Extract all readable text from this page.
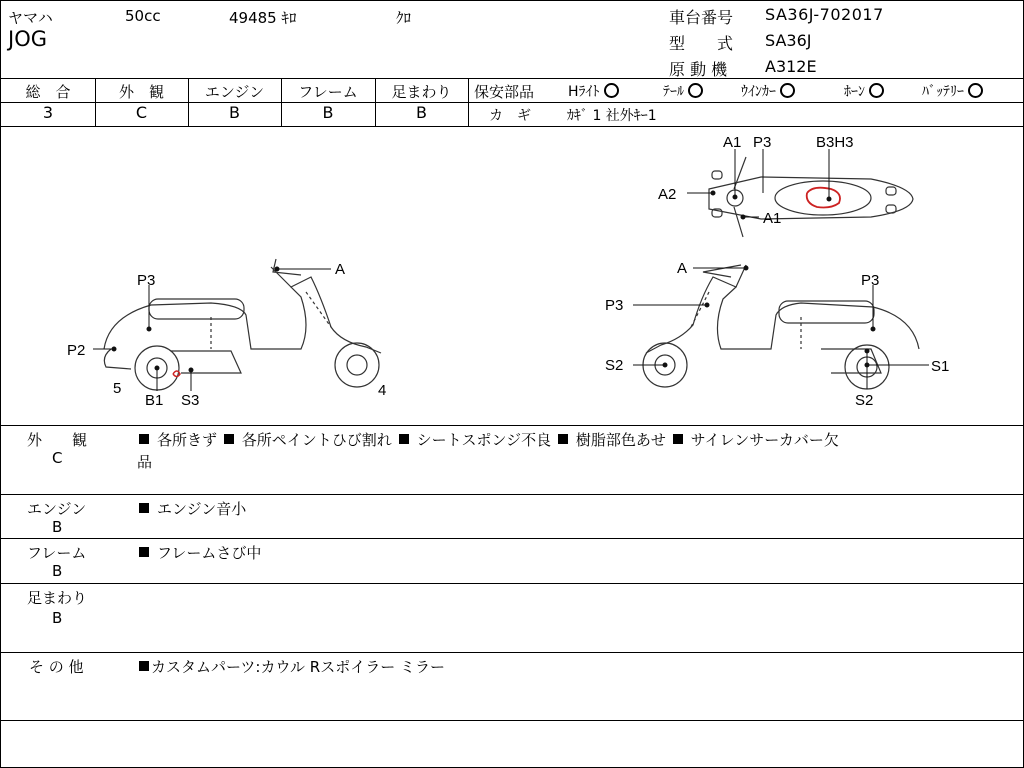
ヤマハ	50cc	49485 ｷﾛ	ｸﾛ
JOG
車台番号 SA36J-702017
型　　式 SA36J
原 動 機 A312E
総　合
3
外　観
C
エンジン
B
フレーム
B
足まわり
B
保安部品 Hﾗｲﾄ	ﾃｰﾙ	ｳｲﾝｶｰ	ﾎｰﾝ	ﾊﾞｯﾃﾘｰ
カ　ギ	ｶｷﾞ 1 社外ｷｰ1
P3
A
P2
5
B1 S3
4
A
P3
P3
S2	S1
S2
A1 P3	B3H3
A2
A1
外　　観
C
各所きず 各所ペイントひび割れ シートスポンジ不良 樹脂部色あせ サイレンサーカバー欠
品
エンジン
B
エンジン音小
フレーム
B
フレームさび中
足まわり
B
そ の 他	カスタムパーツ:カウル Rスポイラー ミラー
